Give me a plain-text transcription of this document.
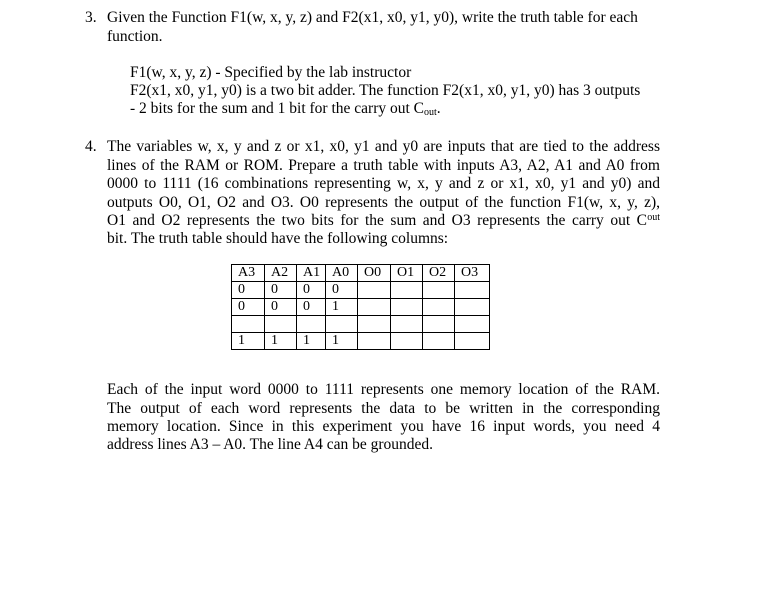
3. Given the Function F1(w, x, y, z) and F2(x1, x0, y1, y0), write the truth table for each
function.
F1(w, x, y, z) - Specified by the lab instructor
F2(x1, x0, y1, y0) is a two bit adder. The function F2(x1, x0, y1, y0) has 3 outputs
- 2 bits for the sum and 1 bit for the carry out $C_{out}$.
4. The variables w, x, y and z or x1, x0, y1 and y0 are inputs that are tied to the address
lines of the RAM or ROM. Prepare a truth table with inputs A3, A2, A1 and A0 from
0000 to 1111 (16 combinations representing w, x, y and z or x1, x0, y1 and y0) and
outputs O0, O1, O2 and O3. O0 represents the output of the function F1(w, x, y, z),
O1 and O2 represents the two bits for the sum and O3 represents the carry out C out
bit. The truth table should have the following columns:
A3	A2	A1	A0	O0	O1	O2	O3
0	0	0	0				
0	0	0	1				

1	1	1	1				
Each of the input word 0000 to 1111 represents one memory location of the RAM.
The output of each word represents the data to be written in the corresponding
memory location. Since in this experiment you have 16 input words, you need 4
address lines A3 – A0. The line A4 can be grounded.
